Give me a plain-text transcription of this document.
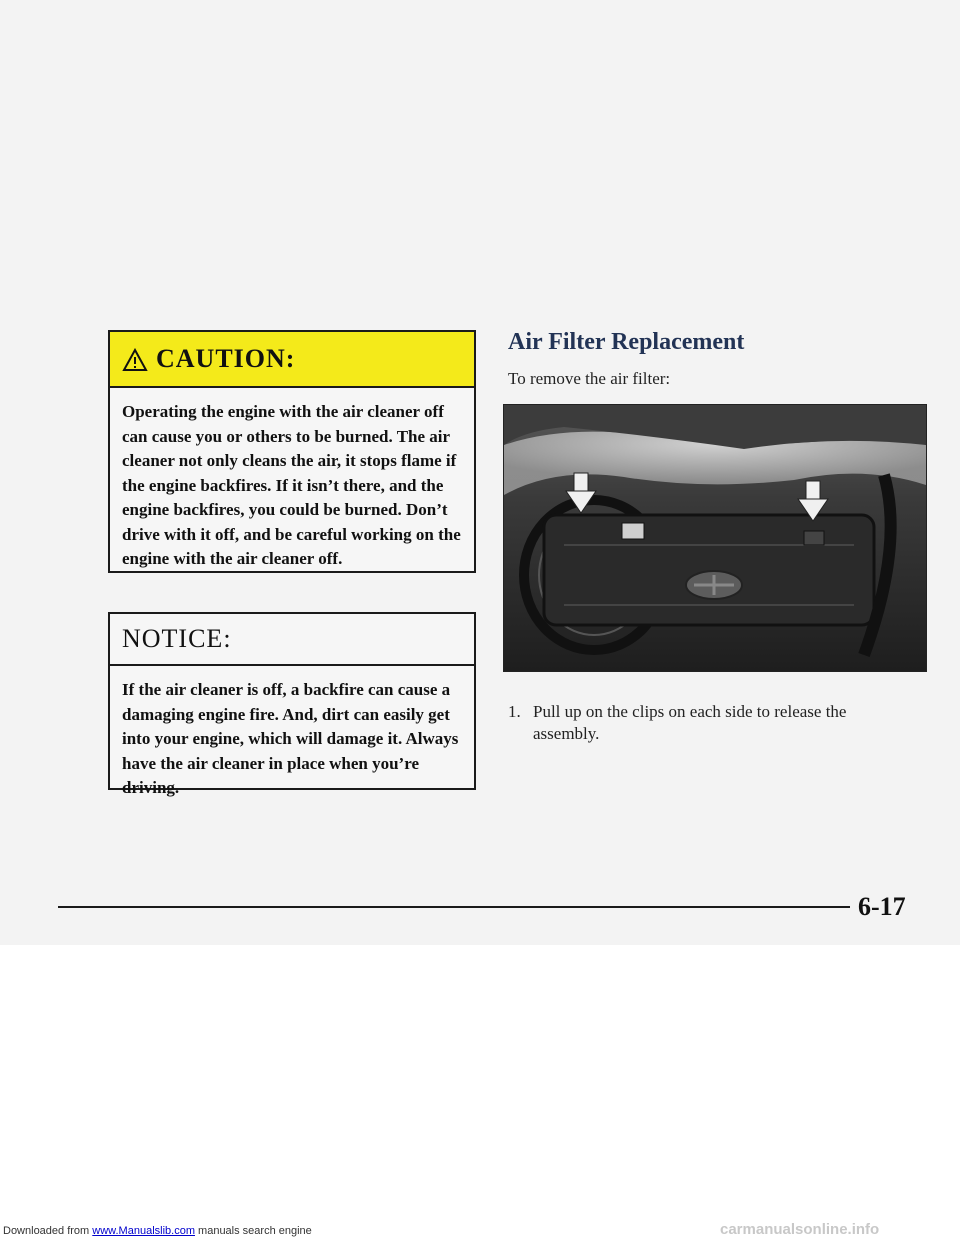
CAUTION:
Operating the engine with the air cleaner off can cause you or others to be burned. The air cleaner not only cleans the air, it stops flame if the engine backfires. If it isn’t there, and the engine backfires, you could be burned. Don’t drive with it off, and be careful working on the engine with the air cleaner off.
NOTICE:
If the air cleaner is off, a backfire can cause a damaging engine fire. And, dirt can easily get into your engine, which will damage it. Always have the air cleaner in place when you’re driving.
Air Filter Replacement
To remove the air filter:
1. Pull up on the clips on each side to release the assembly.
6-17
Downloaded from www.Manualslib.com manuals search engine	carmanualsonline.info
